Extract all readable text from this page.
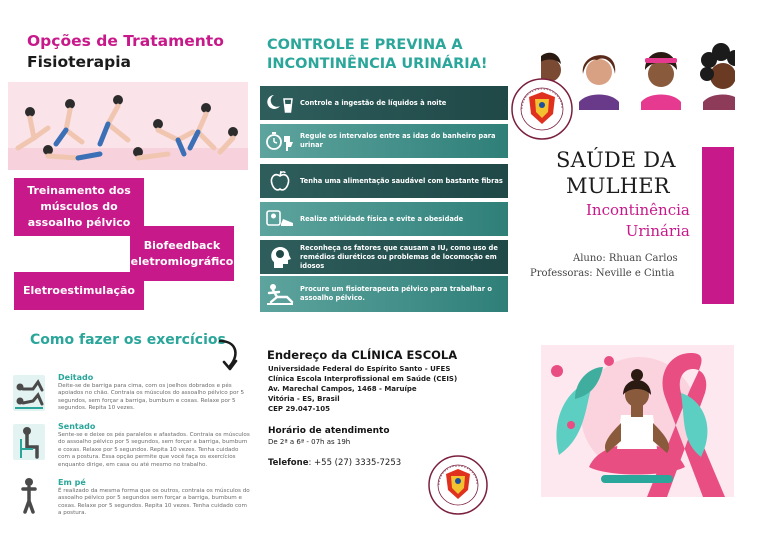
Opções de Tratamento
Fisioterapia
Treinamento dos músculos do assoalho pélvico
Biofeedback eletromiográfico
Eletroestimulação
Como fazer os exercícios
Deitado
Deite-se de barriga para cima, com os joelhos dobrados e pés apoiados no chão. Contraia os músculos do assoalho pélvico por 5 segundos, sem forçar a barriga, bumbum e coxas. Relaxe por 5 segundos. Repita 10 vezes.
Sentado
Sente-se e deixe os pés paralelos e afastados. Contraia os músculos do assoalho pélvico por 5 segundos, sem forçar a barriga, bumbum e coxas. Relaxe por 5 segundos. Repita 10 vezes. Tenha cuidado com a postura. Essa opção permite que você faça os exercícios enquanto dirige, em casa ou até mesmo no trabalho.
Em pé
É realizado da mesma forma que os outros, contraia os músculos do assoalho pélvico por 5 segundos sem forçar a barriga, bumbum e coxas. Relaxe por 5 segundos. Repita 10 vezes. Tenha cuidado com a postura.
CONTROLE E PREVINA A INCONTINÊNCIA URINÁRIA!
Controle a ingestão de líquidos à noite
Regule os intervalos entre as idas do banheiro para urinar
Tenha uma alimentação saudável com bastante fibras
Realize atividade física e evite a obesidade
Reconheça os fatores que causam a IU, como uso de remédios diuréticos ou problemas de locomoção em idosos
Procure um fisioterapeuta pélvico para trabalhar o assoalho pélvico.
Endereço da CLÍNICA ESCOLA
Universidade Federal do Espírito Santo - UFES
Clínica Escola Interprofissional em Saúde (CEIS)
Av. Marechal Campos, 1468 - Maruípe
Vitória - ES, Brasil
CEP 29.047-105
Horário de atendimento
De 2ª a 6ª - 07h as 19h
Telefone: +55 (27) 3335-7253
SAÚDE DA
MULHER
Incontinência
Urinária
Aluno: Rhuan Carlos
Professoras: Neville e Cintia
